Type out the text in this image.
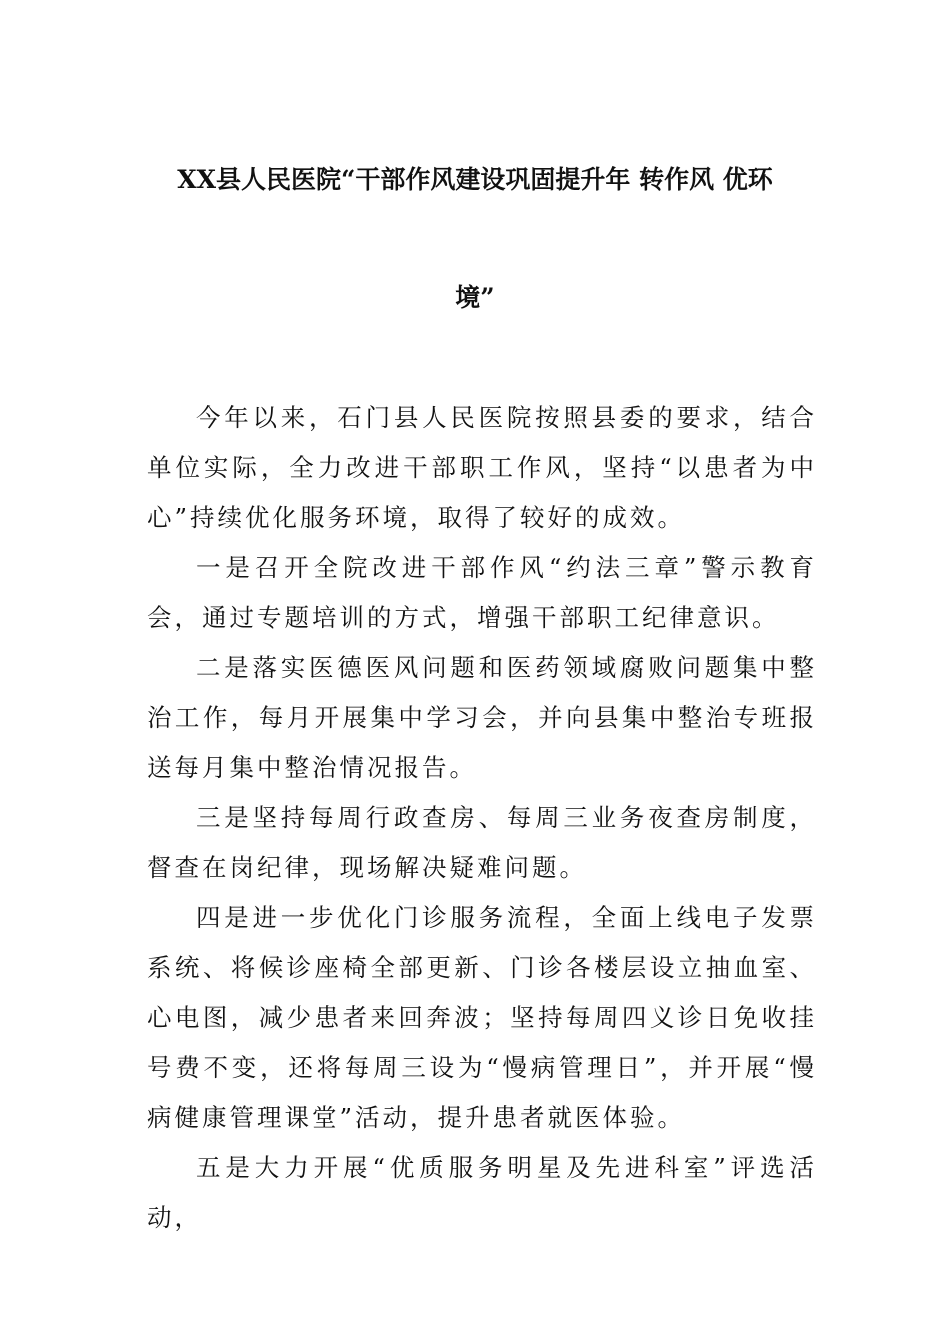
XX县人民医院“干部作风建设巩固提升年 转作风 优环
境”

今年以来，石门县人民医院按照县委的要求，结合单位实际，全力改进干部职工作风，坚持“以患者为中心”持续优化服务环境，取得了较好的成效。

一是召开全院改进干部作风“约法三章”警示教育会，通过专题培训的方式，增强干部职工纪律意识。

二是落实医德医风问题和医药领域腐败问题集中整治工作，每月开展集中学习会，并向县集中整治专班报送每月集中整治情况报告。

三是坚持每周行政查房、每周三业务夜查房制度，督查在岗纪律，现场解决疑难问题。

四是进一步优化门诊服务流程，全面上线电子发票系统、将候诊座椅全部更新、门诊各楼层设立抽血室、心电图，减少患者来回奔波；坚持每周四义诊日免收挂号费不变，还将每周三设为“慢病管理日”，并开展“慢病健康管理课堂”活动，提升患者就医体验。

五是大力开展“优质服务明星及先进科室”评选活动，
